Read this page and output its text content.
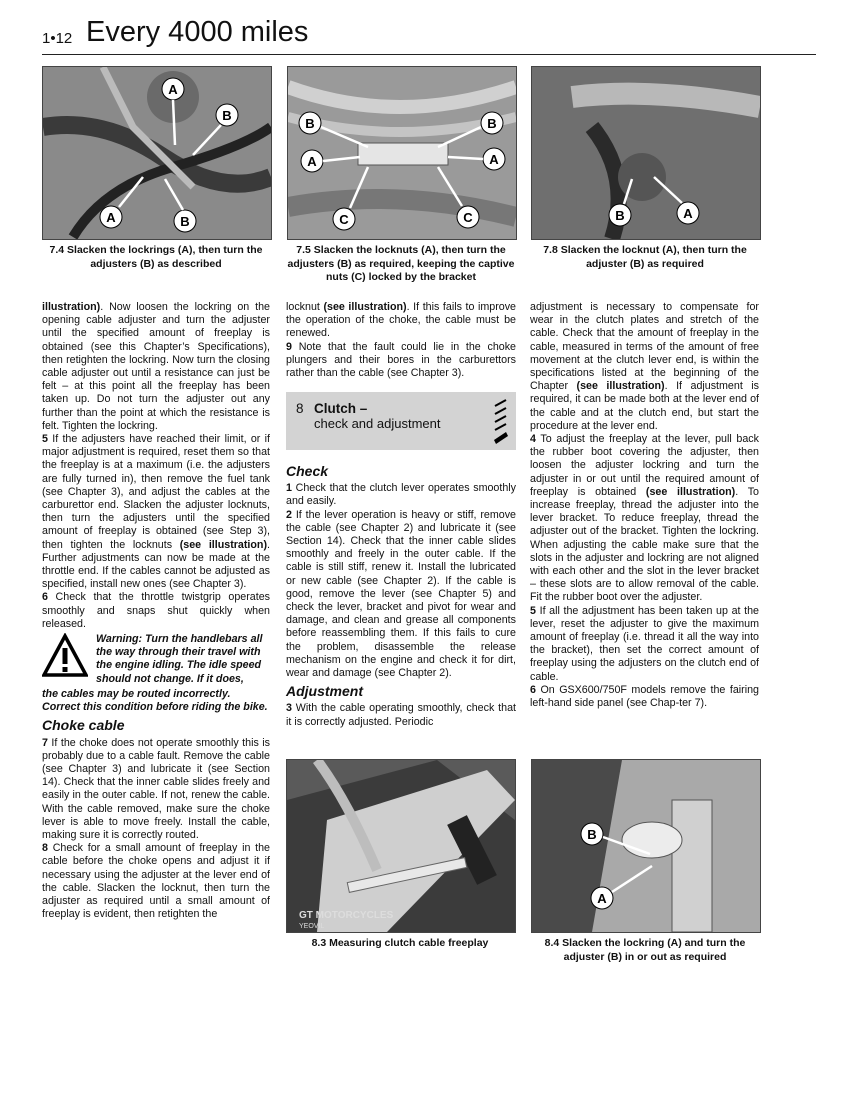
1•12 Every 4000 miles
A
B
A	B
B	B
A	A
C	C	B	A
7.4 Slacken the lockrings (A), then turn the adjusters (B) as described
7.5 Slacken the locknuts (A), then turn the adjusters (B) as required, keeping the captive nuts (C) locked by the bracket
7.8 Slacken the locknut (A), then turn the adjuster (B) as required

illustration). Now loosen the lockring on the opening cable adjuster and turn the adjuster until the specified amount of freeplay is obtained (see this Chapter’s Specifications), then retighten the lockring. Now turn the closing cable adjuster out until a resistance can just be felt – at this point all the freeplay has been taken up. Do not turn the adjuster out any further than the point at which the resistance is felt. Tighten the lockring.

5 If the adjusters have reached their limit, or if major adjustment is required, reset them so that the freeplay is at a maximum (i.e. the adjusters are fully turned in), then remove the fuel tank (see Chapter 3), and adjust the cables at the carburettor end. Slacken the adjuster locknuts, then turn the adjusters until the specified amount of freeplay is obtained (see Step 3), then tighten the locknuts (see illustration). Further adjustments can now be made at the throttle end. If the cables cannot be adjusted as specified, install new ones (see Chapter 3).

6 Check that the throttle twistgrip operates smoothly and snaps shut quickly when released.

Warning: Turn the handlebars all the way through their travel with the engine idling. The idle speed should not change. If it does,
the cables may be routed incorrectly. Correct this condition before riding the bike.
Choke cable

7 If the choke does not operate smoothly this is probably due to a cable fault. Remove the cable (see Chapter 3) and lubricate it (see Section 14). Check that the inner cable slides freely and easily in the outer cable. If not, renew the cable. With the cable removed, make sure the choke lever is able to move freely. Install the cable, making sure it is correctly routed.

8 Check for a small amount of freeplay in the cable before the choke opens and adjust it if necessary using the adjuster at the lever end of the cable. Slacken the locknut, then turn the adjuster as required until a small amount of freeplay is evident, then retighten the

locknut (see illustration). If this fails to improve the operation of the choke, the cable must be renewed.

9 Note that the fault could lie in the choke plungers and their bores in the carburettors rather than the cable (see Chapter 3).

8 Clutch –
check and adjustment
Check

1 Check that the clutch lever operates smoothly and easily.

2 If the lever operation is heavy or stiff, remove the cable (see Chapter 2) and lubricate it (see Section 14). Check that the inner cable slides smoothly and freely in the outer cable. If the cable is still stiff, renew it. Install the lubricated or new cable (see Chapter 2). If the cable is good, remove the lever (see Chapter 5) and check the lever, bracket and pivot for wear and damage, and clean and grease all components before reassembling them. If this fails to cure the problem, disassemble the release mechanism on the engine and check it for dirt, wear and damage (see Chapter 2).

Adjustment

3 With the cable operating smoothly, check that it is correctly adjusted. Periodic

adjustment is necessary to compensate for wear in the clutch plates and stretch of the cable. Check that the amount of freeplay in the cable, measured in terms of the amount of free movement at the clutch lever end, is within the specifications listed at the beginning of the Chapter (see illustration). If adjustment is required, it can be made both at the lever end of the cable and at the clutch end, but start the procedure at the lever end.

4 To adjust the freeplay at the lever, pull back the rubber boot covering the adjuster, then loosen the adjuster lockring and turn the adjuster in or out until the required amount of freeplay is obtained (see illustration). To increase freeplay, thread the adjuster into the lever bracket. To reduce freeplay, thread the adjuster out of the bracket. Tighten the lockring. When adjusting the cable make sure that the slots in the adjuster and lockring are not aligned with each other and the slot in the lever bracket – these slots are to allow removal of the cable. Fit the rubber boot over the adjuster.

5 If all the adjustment has been taken up at the lever, reset the adjuster to give the maximum amount of freeplay (i.e. thread it all the way into the bracket), then set the correct amount of freeplay using the adjusters on the clutch end of cable.

6 On GSX600/750F models remove the fairing left-hand side panel (see Chap-ter 7).

GT MOTORCYCLES
YEOVIL
B
A
8.3 Measuring clutch cable freeplay	8.4 Slacken the lockring (A) and turn the adjuster (B) in or out as required
